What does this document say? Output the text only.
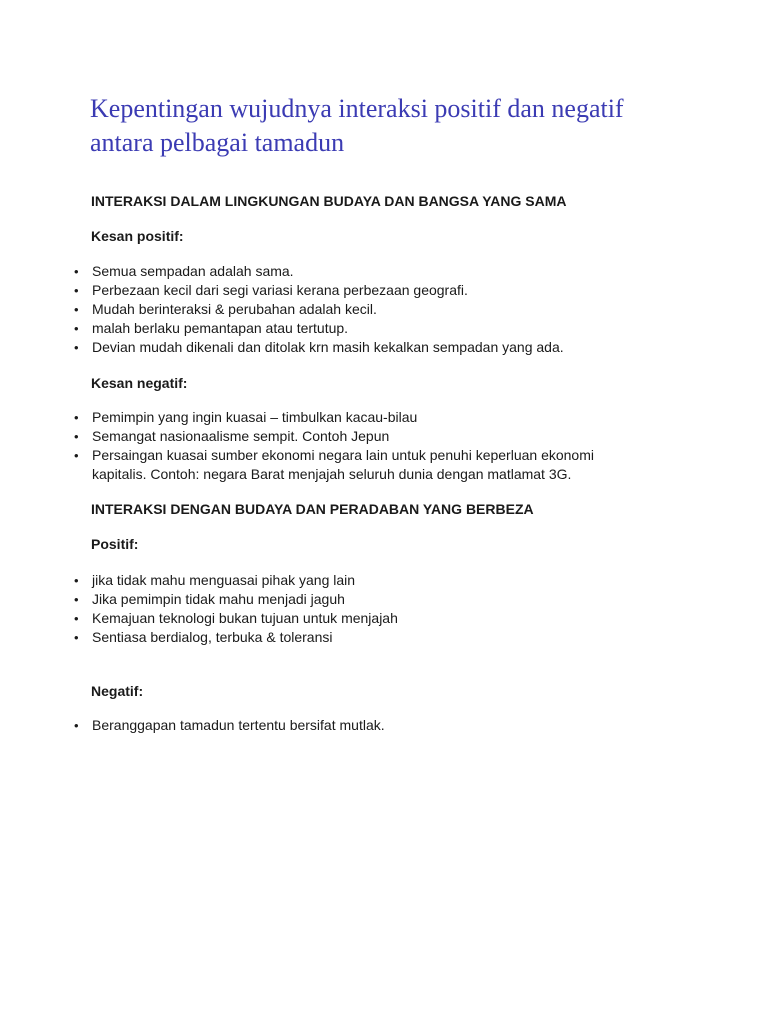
Kepentingan wujudnya interaksi positif dan negatif antara pelbagai tamadun
INTERAKSI DALAM LINGKUNGAN BUDAYA DAN BANGSA YANG SAMA
Kesan positif:
• Semua sempadan adalah sama.
• Perbezaan kecil dari segi variasi kerana perbezaan geografi.
• Mudah berinteraksi & perubahan adalah kecil.
• malah berlaku pemantapan atau tertutup.
• Devian mudah dikenali dan ditolak krn masih kekalkan sempadan yang ada.
Kesan negatif:
• Pemimpin yang ingin kuasai – timbulkan kacau-bilau
• Semangat nasionaalisme sempit. Contoh Jepun
• Persaingan kuasai sumber ekonomi negara lain untuk penuhi keperluan ekonomi kapitalis. Contoh: negara Barat menjajah seluruh dunia dengan matlamat 3G.
INTERAKSI DENGAN BUDAYA DAN PERADABAN YANG BERBEZA
Positif:
• jika tidak mahu menguasai pihak yang lain
• Jika pemimpin tidak mahu menjadi jaguh
• Kemajuan teknologi bukan tujuan untuk menjajah
• Sentiasa berdialog, terbuka & toleransi
Negatif:
• Beranggapan tamadun tertentu bersifat mutlak.
